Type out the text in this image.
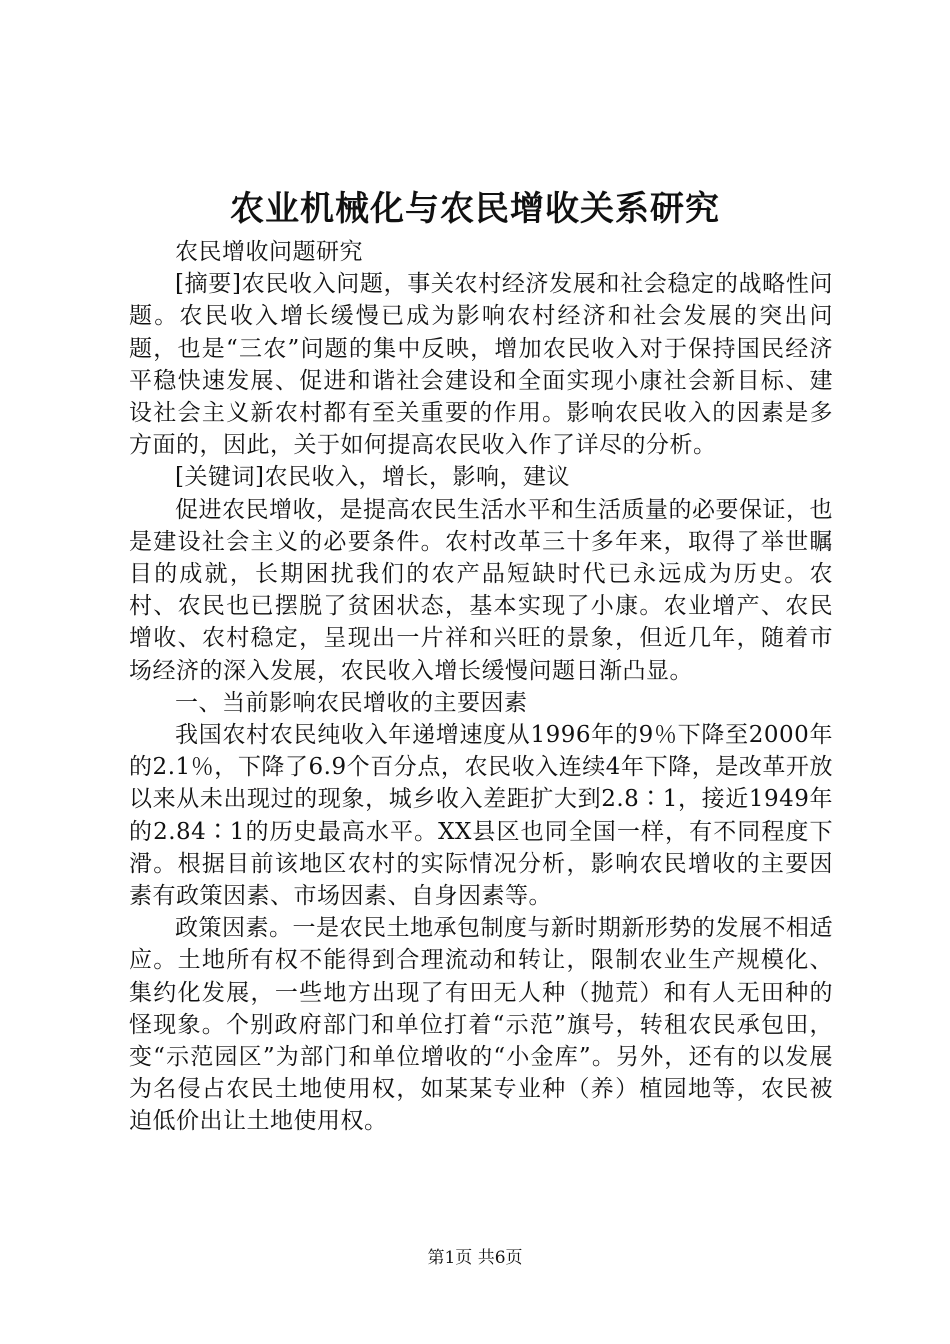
农业机械化与农民增收关系研究

农民增收问题研究

[摘要]农民收入问题，事关农村经济发展和社会稳定的战略性问题。农民收入增长缓慢已成为影响农村经济和社会发展的突出问题，也是“三农”问题的集中反映，增加农民收入对于保持国民经济平稳快速发展、促进和谐社会建设和全面实现小康社会新目标、建设社会主义新农村都有至关重要的作用。影响农民收入的因素是多方面的，因此，关于如何提高农民收入作了详尽的分析。

[关键词]农民收入，增长，影响，建议

促进农民增收，是提高农民生活水平和生活质量的必要保证，也是建设社会主义的必要条件。农村改革三十多年来，取得了举世瞩目的成就，长期困扰我们的农产品短缺时代已永远成为历史。农村、农民也已摆脱了贫困状态，基本实现了小康。农业增产、农民增收、农村稳定，呈现出一片祥和兴旺的景象，但近几年，随着市场经济的深入发展，农民收入增长缓慢问题日渐凸显。

一、当前影响农民增收的主要因素

我国农村农民纯收入年递增速度从1996年的9％下降至2000年的2.1％，下降了6.9个百分点，农民收入连续4年下降，是改革开放以来从未出现过的现象，城乡收入差距扩大到2.8∶1，接近1949年的2.84∶1的历史最高水平。XX县区也同全国一样，有不同程度下滑。根据目前该地区农村的实际情况分析，影响农民增收的主要因素有政策因素、市场因素、自身因素等。

政策因素。一是农民土地承包制度与新时期新形势的发展不相适应。土地所有权不能得到合理流动和转让，限制农业生产规模化、集约化发展，一些地方出现了有田无人种（抛荒）和有人无田种的怪现象。个别政府部门和单位打着“示范”旗号，转租农民承包田，变“示范园区”为部门和单位增收的“小金库”。另外，还有的以发展为名侵占农民土地使用权，如某某专业种（养）植园地等，农民被迫低价出让土地使用权。

第1页 共6页
